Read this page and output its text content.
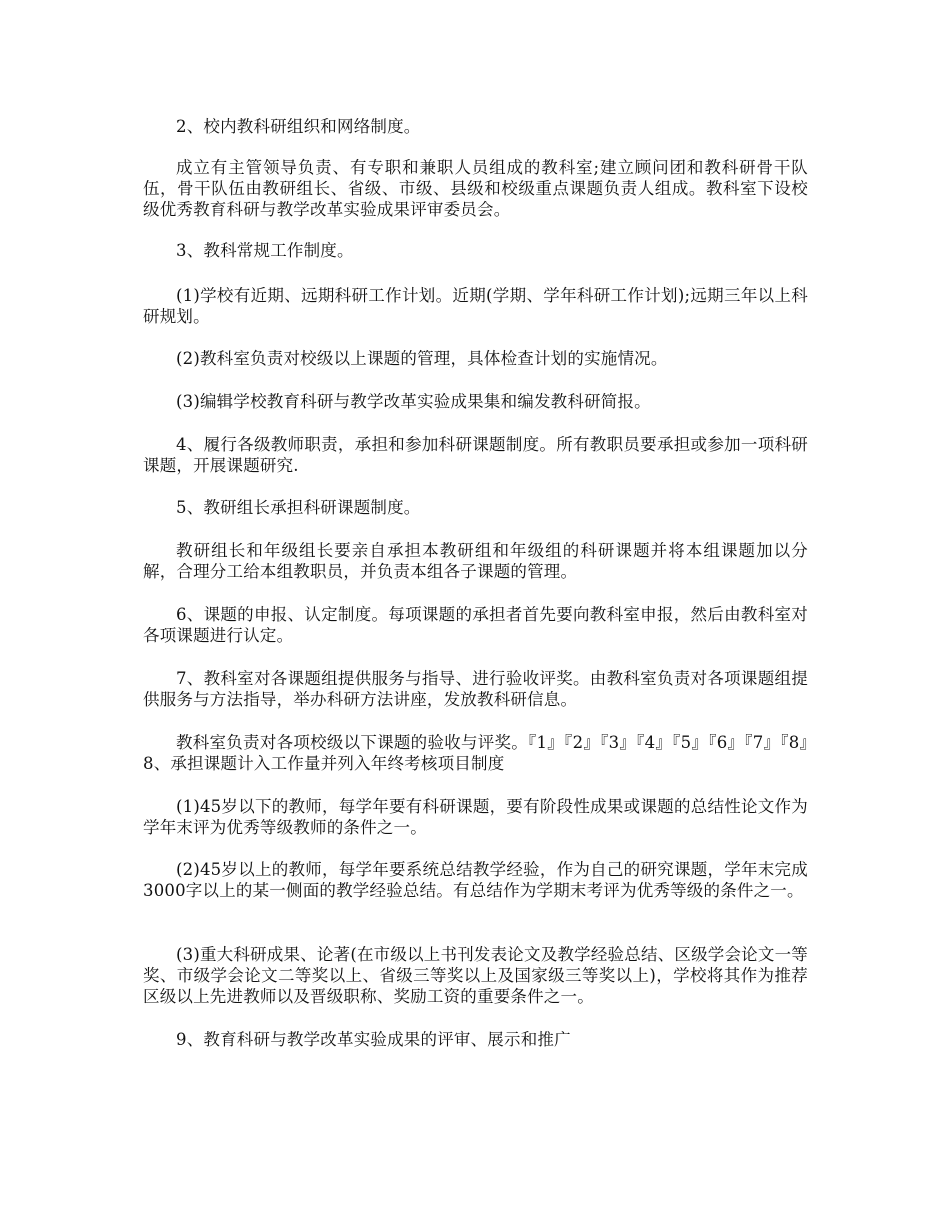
2、校内教科研组织和网络制度。

成立有主管领导负责、有专职和兼职人员组成的教科室;建立顾问团和教科研骨干队伍，骨干队伍由教研组长、省级、市级、县级和校级重点课题负责人组成。教科室下设校级优秀教育科研与教学改革实验成果评审委员会。

3、教科常规工作制度。

(1)学校有近期、远期科研工作计划。近期(学期、学年科研工作计划);远期三年以上科研规划。

(2)教科室负责对校级以上课题的管理，具体检查计划的实施情况。

(3)编辑学校教育科研与教学改革实验成果集和编发教科研简报。

4、履行各级教师职责，承担和参加科研课题制度。所有教职员要承担或参加一项科研课题，开展课题研究.

5、教研组长承担科研课题制度。

教研组长和年级组长要亲自承担本教研组和年级组的科研课题并将本组课题加以分解，合理分工给本组教职员，并负责本组各子课题的管理。

6、课题的申报、认定制度。每项课题的承担者首先要向教科室申报，然后由教科室对各项课题进行认定。

7、教科室对各课题组提供服务与指导、进行验收评奖。由教科室负责对各项课题组提供服务与方法指导，举办科研方法讲座，发放教科研信息。

教科室负责对各项校级以下课题的验收与评奖。『1』『2』『3』『4』『5』『6』『7』『8』8、承担课题计入工作量并列入年终考核项目制度

(1)45岁以下的教师，每学年要有科研课题，要有阶段性成果或课题的总结性论文作为学年末评为优秀等级教师的条件之一。

(2)45岁以上的教师，每学年要系统总结教学经验，作为自己的研究课题，学年末完成3000字以上的某一侧面的教学经验总结。有总结作为学期末考评为优秀等级的条件之一。

(3)重大科研成果、论著(在市级以上书刊发表论文及教学经验总结、区级学会论文一等奖、市级学会论文二等奖以上、省级三等奖以上及国家级三等奖以上)，学校将其作为推荐区级以上先进教师以及晋级职称、奖励工资的重要条件之一。

9、教育科研与教学改革实验成果的评审、展示和推广
